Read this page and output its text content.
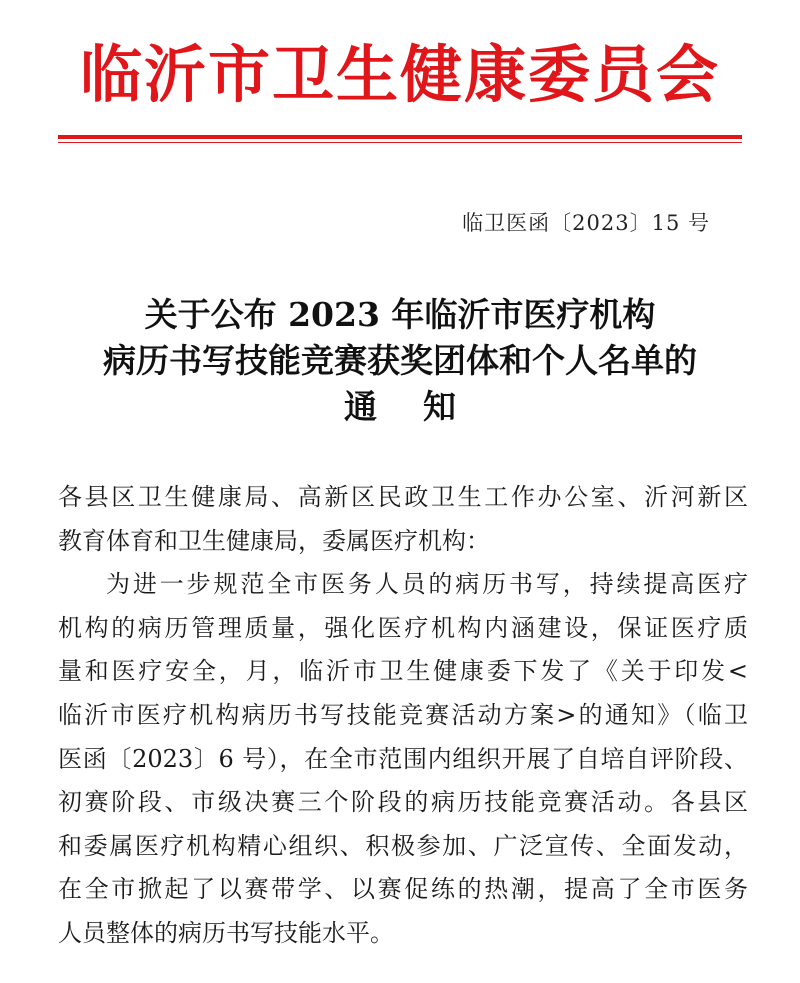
临沂市卫生健康委员会
临卫医函〔2023〕15 号
关于公布 2023 年临沂市医疗机构
病历书写技能竞赛获奖团体和个人名单的
通知
各县区卫生健康局、高新区民政卫生工作办公室、沂河新区
教育体育和卫生健康局，委属医疗机构：
为进一步规范全市医务人员的病历书写，持续提高医疗
机构的病历管理质量，强化医疗机构内涵建设，保证医疗质
量和医疗安全，月，临沂市卫生健康委下发了《关于印发<
临沂市医疗机构病历书写技能竞赛活动方案>的通知》（临卫
医函〔2023〕6 号），在全市范围内组织开展了自培自评阶段、
初赛阶段、市级决赛三个阶段的病历技能竞赛活动。各县区
和委属医疗机构精心组织、积极参加、广泛宣传、全面发动，
在全市掀起了以赛带学、以赛促练的热潮，提高了全市医务
人员整体的病历书写技能水平。
